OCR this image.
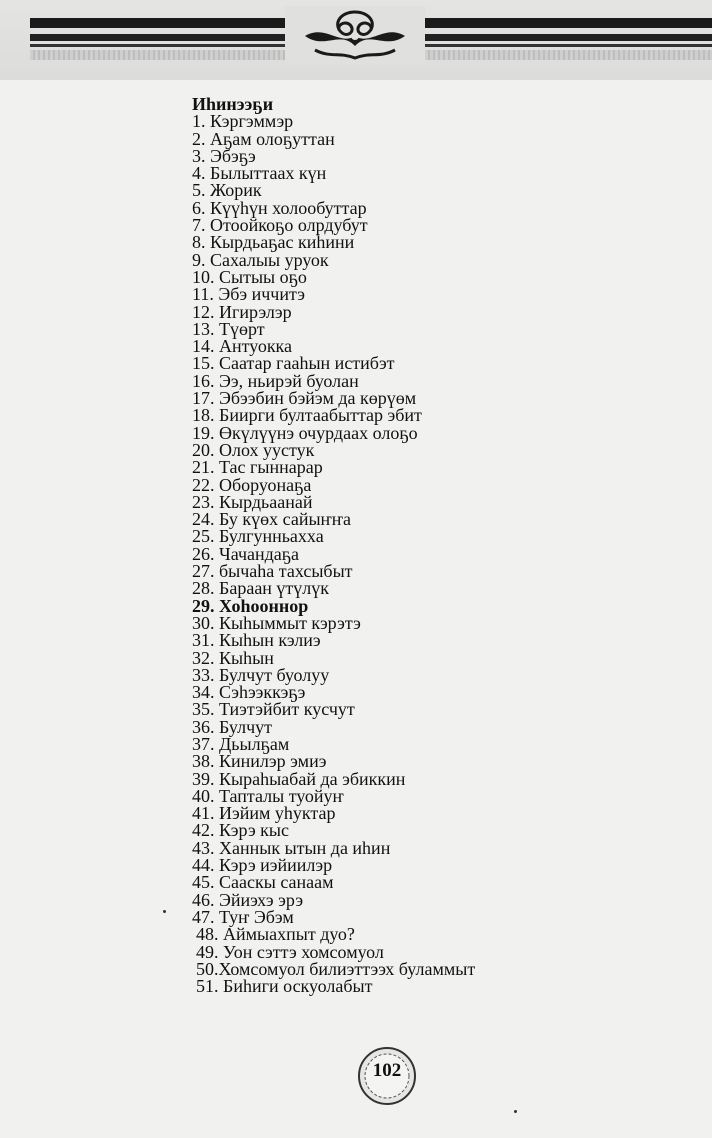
Иhинээҕи
1. Кэргэммэр
2. Аҕам олоҕуттан
3. Эбэҕэ
4. Былыттаах күн
5. Жорик
6. Күүhүн холообуттар
7. Отоойкоҕо олрдубут
8. Кырдьаҕас киhини
9. Сахалыы уруок
10. Сытыы оҕо
11. Эбэ иччитэ
12. Игирэлэр
13. Түөрт
14. Антуокка
15. Саатар гааhын истибэт
16. Ээ, ньирэй буолан
17. Эбээбин бэйэм да көрүөм
18. Биирги бултаабыттар эбит
19. Өкүлүүнэ очурдаах олоҕо
20. Олох уустук
21. Тас гыннарар
22. Оборуонаҕа
23. Кырдьаанай
24. Бу күөх сайыҥҥа
25. Булгунньахха
26. Чачандаҕа
27. бычаhа тахсыбыт
28. Бараан үтүлүк
29. Хоhооннор
30. Кыhыммыт кэрэтэ
31. Кыhын кэлиэ
32. Кыhын
33. Булчут буолуу
34. Сэhээккэҕэ
35. Тиэтэйбит кусчут
36. Булчут
37. Дьылҕам
38. Кинилэр эмиэ
39. Кыраhыабай да эбиккин
40. Тапталы туойуҥ
41. Иэйим уhуктар
42. Кэрэ кыс
43. Ханнык ытын да иhин
44. Кэрэ иэйиилэр
45. Сааскы санаам
46. Эйиэхэ эрэ
47. Туҥ Эбэм
48. Аймыахпыт дуо?
49. Уон сэттэ хомсомуол
50.Хомсомуол билиэттээх буламмыт
51. Биhиги оскуолабыт
102
